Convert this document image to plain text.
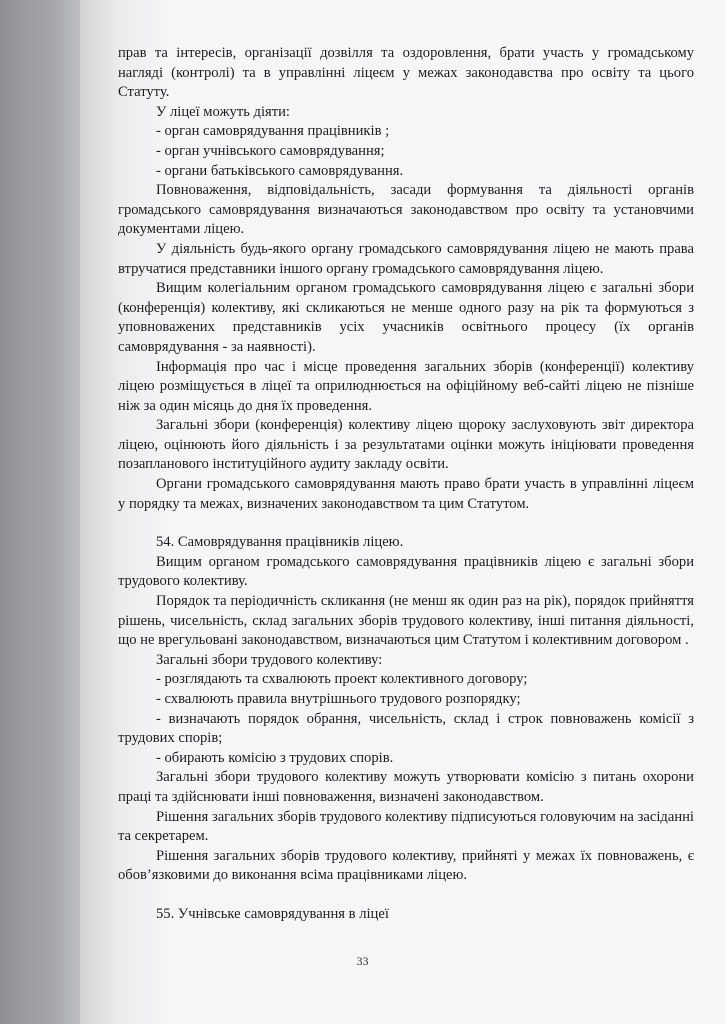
прав та інтересів, організації дозвілля та оздоровлення, брати участь у громадському нагляді (контролі) та в управлінні ліцеєм у межах законодавства про освіту та цього Статуту.

У ліцеї можуть діяти:

- орган самоврядування працівників ;

- орган учнівського самоврядування;

- органи батьківського самоврядування.

Повноваження, відповідальність, засади формування та діяльності органів громадського самоврядування визначаються законодавством про освіту та установчими документами ліцею.

У діяльність будь-якого органу громадського самоврядування ліцею не мають права втручатися представники іншого органу громадського самоврядування ліцею.

Вищим колегіальним органом громадського самоврядування ліцею є загальні збори (конференція) колективу, які скликаються не менше одного разу на рік та формуються з уповноважених представників усіх учасників освітнього процесу (їх органів самоврядування - за наявності).

Інформація про час і місце проведення загальних зборів (конференції) колективу ліцею розміщується в ліцеї та оприлюднюється на офіційному веб-сайті ліцею не пізніше ніж за один місяць до дня їх проведення.

Загальні збори (конференція) колективу ліцею щороку заслуховують звіт директора ліцею, оцінюють його діяльність і за результатами оцінки можуть ініціювати проведення позапланового інституційного аудиту закладу освіти.

Органи громадського самоврядування мають право брати участь в управлінні ліцеєм у порядку та межах, визначених законодавством та цим Статутом.

54. Самоврядування працівників ліцею.

Вищим органом громадського самоврядування працівників ліцею є загальні збори трудового колективу.

Порядок та періодичність скликання (не менш як один раз на рік), порядок прийняття рішень, чисельність, склад загальних зборів трудового колективу, інші питання діяльності, що не врегульовані законодавством, визначаються цим Статутом і колективним договором .

Загальні збори трудового колективу:

- розглядають та схвалюють проект колективного договору;

- схвалюють правила внутрішнього трудового розпорядку;

- визначають порядок обрання, чисельність, склад і строк повноважень комісії з трудових спорів;

- обирають комісію з трудових спорів.

Загальні збори трудового колективу можуть утворювати комісію з питань охорони праці та здійснювати інші повноваження, визначені законодавством.

Рішення загальних зборів трудового колективу підписуються головуючим на засіданні та секретарем.

Рішення загальних зборів трудового колективу, прийняті у межах їх повноважень, є обов’язковими до виконання всіма працівниками ліцею.

55. Учнівське самоврядування в ліцеї

33
